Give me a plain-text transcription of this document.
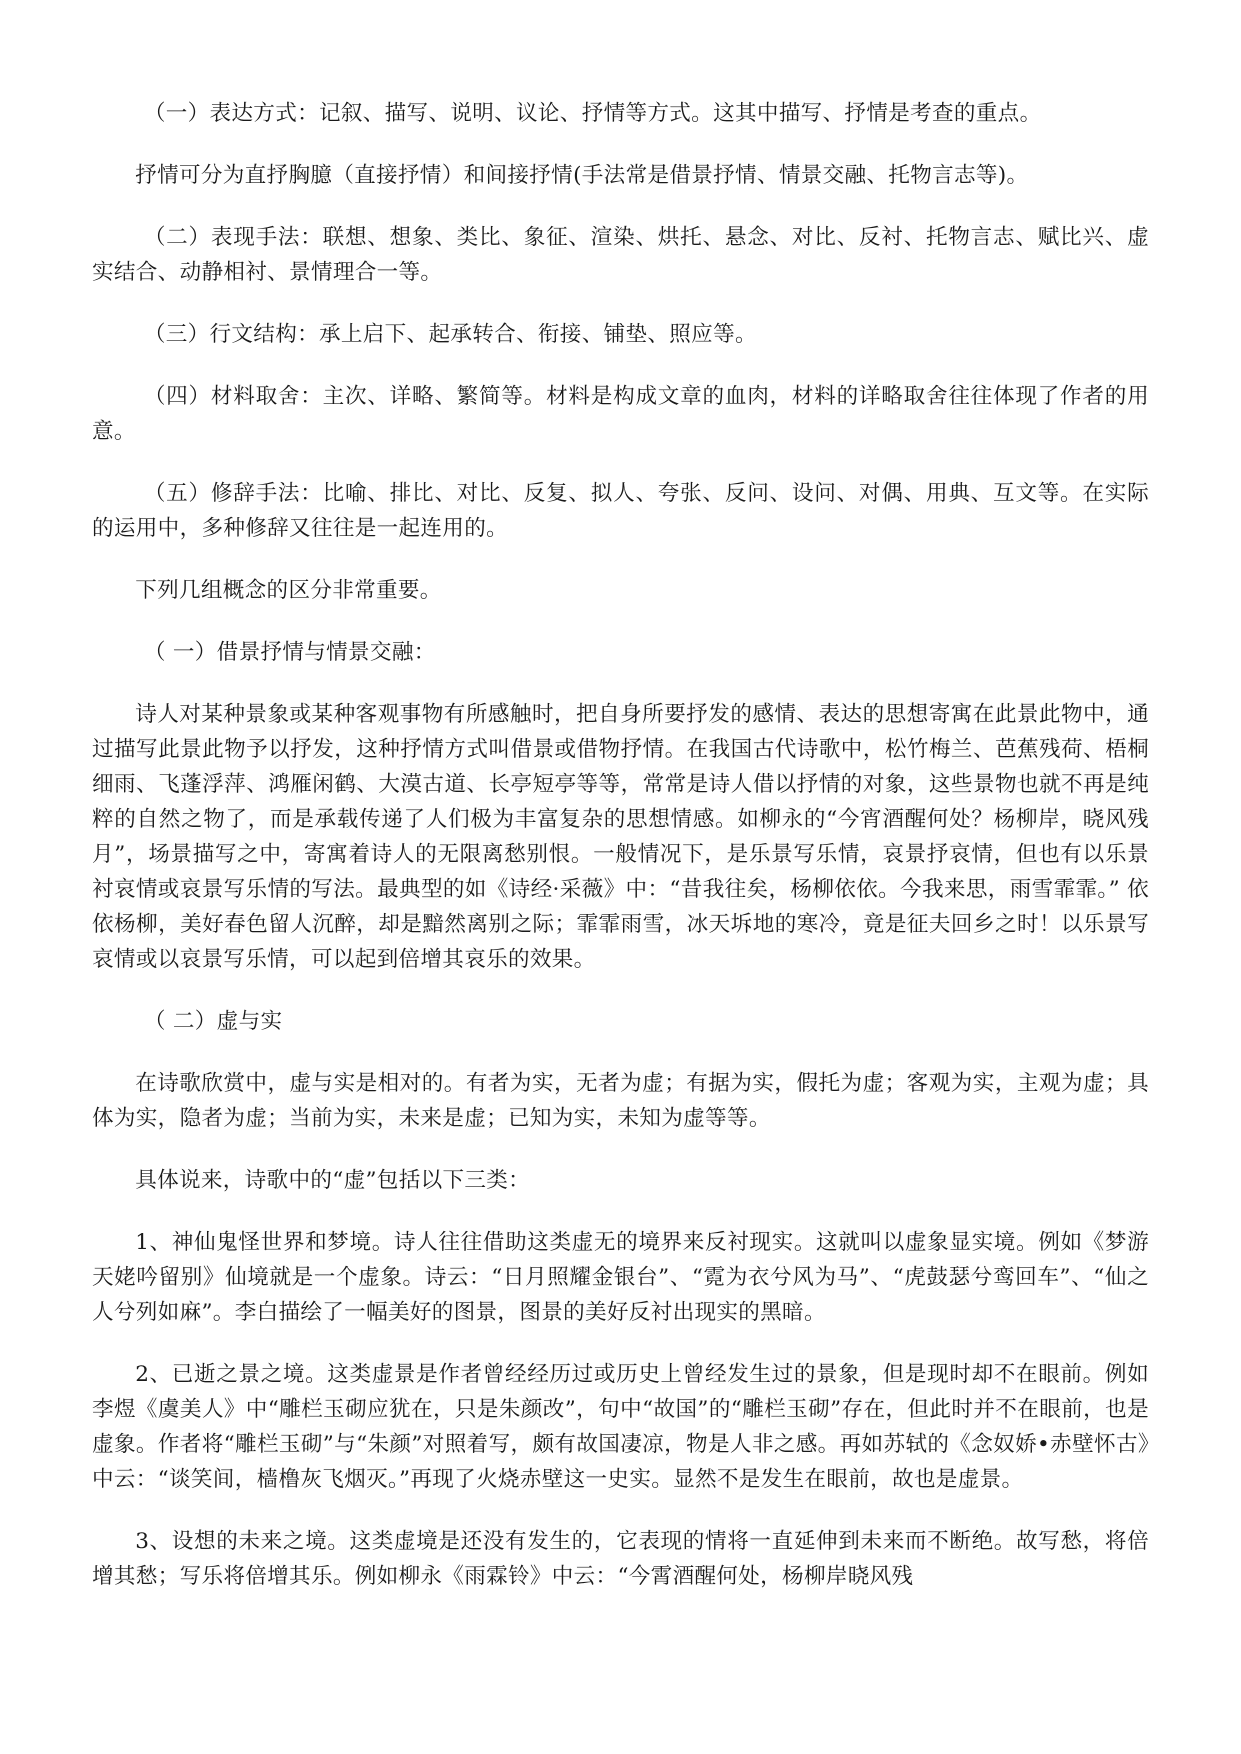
（一）表达方式：记叙、描写、说明、议论、抒情等方式。这其中描写、抒情是考查的重点。

抒情可分为直抒胸臆（直接抒情）和间接抒情(手法常是借景抒情、情景交融、托物言志等)。

（二）表现手法：联想、想象、类比、象征、渲染、烘托、悬念、对比、反衬、托物言志、赋比兴、虚实结合、动静相衬、景情理合一等。

（三）行文结构：承上启下、起承转合、衔接、铺垫、照应等。

（四）材料取舍：主次、详略、繁简等。材料是构成文章的血肉，材料的详略取舍往往体现了作者的用意。

（五）修辞手法：比喻、排比、对比、反复、拟人、夸张、反问、设问、对偶、用典、互文等。在实际的运用中，多种修辞又往往是一起连用的。

下列几组概念的区分非常重要。

（ 一）借景抒情与情景交融：

诗人对某种景象或某种客观事物有所感触时，把自身所要抒发的感情、表达的思想寄寓在此景此物中，通过描写此景此物予以抒发，这种抒情方式叫借景或借物抒情。在我国古代诗歌中，松竹梅兰、芭蕉残荷、梧桐细雨、飞蓬浮萍、鸿雁闲鹤、大漠古道、长亭短亭等等，常常是诗人借以抒情的对象，这些景物也就不再是纯粹的自然之物了，而是承载传递了人们极为丰富复杂的思想情感。如柳永的“今宵酒醒何处？杨柳岸，晓风残月”，场景描写之中，寄寓着诗人的无限离愁别恨。一般情况下，是乐景写乐情，哀景抒哀情，但也有以乐景衬哀情或哀景写乐情的写法。最典型的如《诗经·采薇》中：“昔我往矣，杨柳依依。今我来思，雨雪霏霏。” 依依杨柳，美好春色留人沉醉，却是黯然离别之际；霏霏雨雪，冰天坼地的寒冷，竟是征夫回乡之时！以乐景写哀情或以哀景写乐情，可以起到倍增其哀乐的效果。

（ 二）虚与实

在诗歌欣赏中，虚与实是相对的。有者为实，无者为虚；有据为实，假托为虚；客观为实，主观为虚；具体为实，隐者为虚；当前为实，未来是虚；已知为实，未知为虚等等。

具体说来，诗歌中的“虚”包括以下三类：

1、神仙鬼怪世界和梦境。诗人往往借助这类虚无的境界来反衬现实。这就叫以虚象显实境。例如《梦游天姥吟留别》仙境就是一个虚象。诗云：“日月照耀金银台”、“霓为衣兮风为马”、“虎鼓瑟兮鸾回车”、“仙之人兮列如麻”。李白描绘了一幅美好的图景，图景的美好反衬出现实的黑暗。

2、已逝之景之境。这类虚景是作者曾经经历过或历史上曾经发生过的景象，但是现时却不在眼前。例如李煜《虞美人》中“雕栏玉砌应犹在，只是朱颜改”，句中“故国”的“雕栏玉砌”存在，但此时并不在眼前，也是虚象。作者将“雕栏玉砌”与“朱颜”对照着写，颇有故国凄凉，物是人非之感。再如苏轼的《念奴娇•赤壁怀古》中云：“谈笑间，樯橹灰飞烟灭。”再现了火烧赤壁这一史实。显然不是发生在眼前，故也是虚景。

3、设想的未来之境。这类虚境是还没有发生的，它表现的情将一直延伸到未来而不断绝。故写愁，将倍增其愁；写乐将倍增其乐。例如柳永《雨霖铃》中云：“今霄酒醒何处，杨柳岸晓风残
